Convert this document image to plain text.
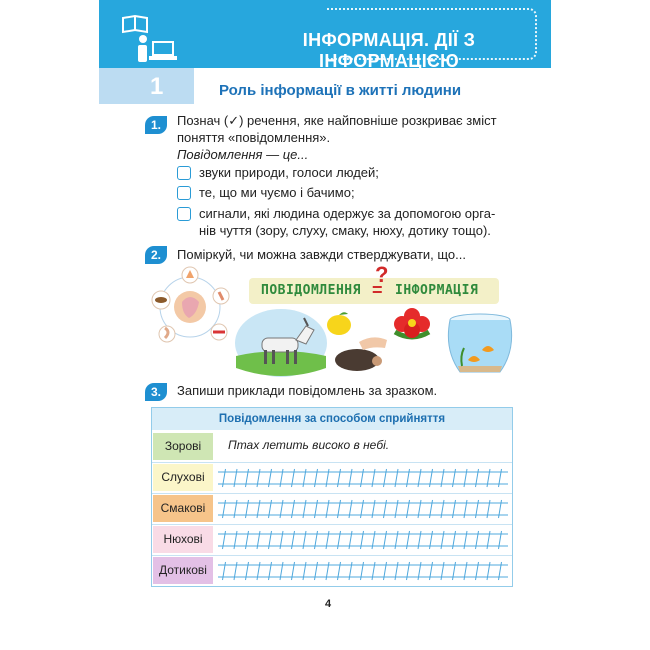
ІНФОРМАЦІЯ. ДІЇ З ІНФОРМАЦІЄЮ
1	Роль інформації в житті людини
1.	Познач (✓) речення, яке найповніше розкриває зміст
поняття «повідомлення».
Повідомлення — це...
звуки природи, голоси людей;
те, що ми чуємо і бачимо;
сигнали, які людина одержує за допомогою орга-
нів чуття (зору, слуху, смаку, нюху, дотику тощо).
2.	Поміркуй, чи можна завжди стверджувати, що...
ПОВІДОМЛЕННЯ =
?
ІНФОРМАЦІЯ
3.	Запиши приклади повідомлень за зразком.
Повідомлення за способом сприйняття
Зорові	Птах летить високо в небі.
Слухові
Смакові
Нюхові
Дотикові
4
